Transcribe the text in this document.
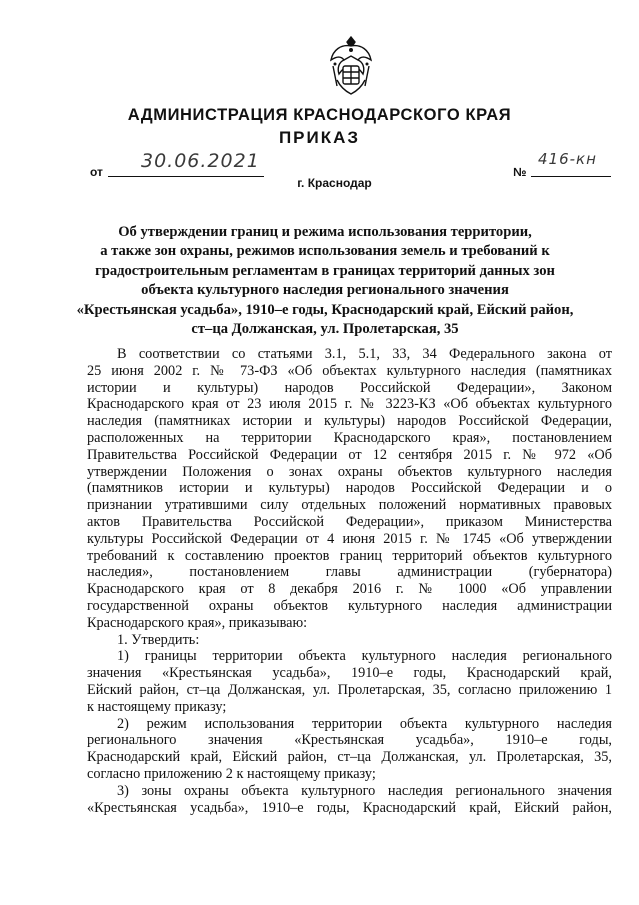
АДМИНИСТРАЦИЯ КРАСНОДАРСКОГО КРАЯ
ПРИКАЗ
от 30.06.2021	№
416-кн
г. Краснодар
Об утверждении границ и режима использования территории,
а также зон охраны, режимов использования земель и требований к
градостроительным регламентам в границах территорий данных зон
объекта культурного наследия регионального значения
«Крестьянская усадьба», 1910–е годы, Краснодарский край, Ейский район,
ст–ца Должанская, ул. Пролетарская, 35

В соответствии со статьями 3.1, 5.1, 33, 34 Федерального закона от

25 июня 2002 г. № 73-ФЗ «Об объектах культурного наследия (памятниках

истории и культуры) народов Российской Федерации», Законом

Краснодарского края от 23 июля 2015 г. № 3223-КЗ «Об объектах культурного

наследия (памятниках истории и культуры) народов Российской Федерации,

расположенных на территории Краснодарского края», постановлением

Правительства Российской Федерации от 12 сентября 2015 г. № 972 «Об

утверждении Положения о зонах охраны объектов культурного наследия

(памятников истории и культуры) народов Российской Федерации и о

признании утратившими силу отдельных положений нормативных правовых

актов Правительства Российской Федерации», приказом Министерства

культуры Российской Федерации от 4 июня 2015 г. № 1745 «Об утверждении

требований к составлению проектов границ территорий объектов культурного

наследия», постановлением главы администрации (губернатора)

Краснодарского края от 8 декабря 2016 г. № 1000 «Об управлении

государственной охраны объектов культурного наследия администрации

Краснодарского края», приказываю:

1. Утвердить:

1) границы территории объекта культурного наследия регионального

значения «Крестьянская усадьба», 1910–е годы, Краснодарский край,

Ейский район, ст–ца Должанская, ул. Пролетарская, 35, согласно приложению 1

к настоящему приказу;

2) режим использования территории объекта культурного наследия

регионального значения «Крестьянская усадьба», 1910–е годы,

Краснодарский край, Ейский район, ст–ца Должанская, ул. Пролетарская, 35,

согласно приложению 2 к настоящему приказу;

3) зоны охраны объекта культурного наследия регионального значения

«Крестьянская усадьба», 1910–е годы, Краснодарский край, Ейский район,
